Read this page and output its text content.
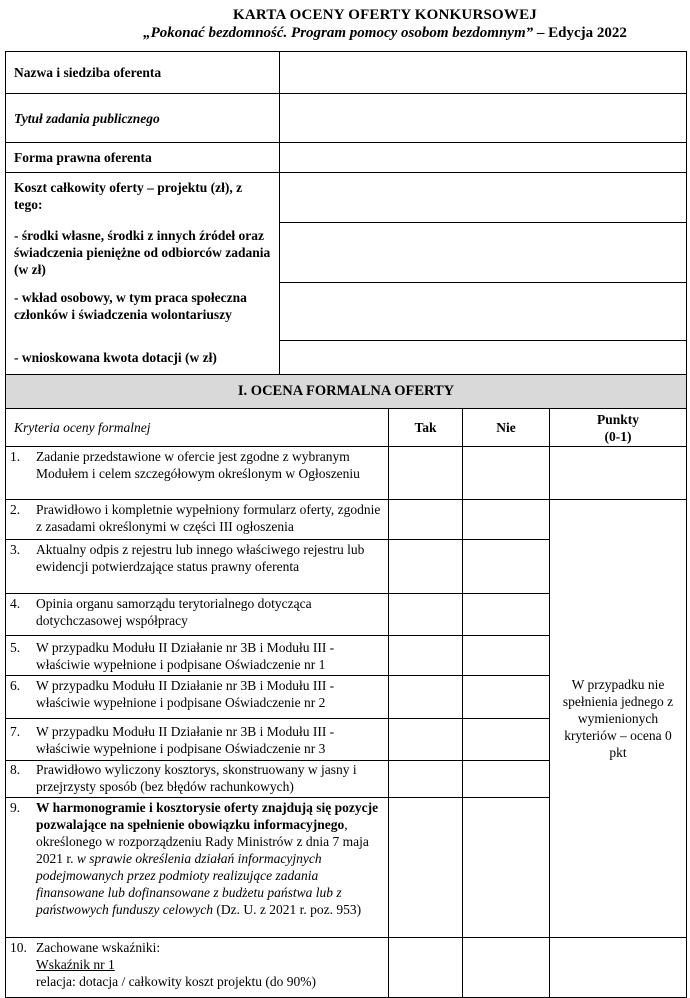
KARTA OCENY OFERTY KONKURSOWEJ
„Pokonać bezdomność. Program pomocy osobom bezdomnym” – Edycja 2022
Nazwa i siedziba oferenta	
Tytuł zadania publicznego	
Forma prawna oferenta	
Koszt całkowity oferty – projektu (zł), z tego:	
- środki własne, środki z innych źródeł oraz świadczenia pieniężne od odbiorców zadania (w zł)	
- wkład osobowy, w tym praca społeczna członków i świadczenia wolontariuszy	
- wnioskowana kwota dotacji (w zł)	
I. OCENA FORMALNA OFERTY			
Kryteria oceny formalnej	Tak	Nie	Punkty
(0-1)

1. Zadanie przedstawione w ofercie jest zgodne z wybranym Modułem i celem szczegółowym określonym w Ogłoszeniu			

2. Prawidłowo i kompletnie wypełniony formularz oferty, zgodnie z zasadami określonymi w części III ogłoszenia			W przypadku nie spełnienia jednego z wymienionych kryteriów – ocena 0 pkt

3. Aktualny odpis z rejestru lub innego właściwego rejestru lub ewidencji potwierdzające status prawny oferenta			

4. Opinia organu samorządu terytorialnego dotycząca dotychczasowej współpracy			

5. W przypadku Modułu II Działanie nr 3B i Modułu III - właściwie wypełnione i podpisane Oświadczenie nr 1			

6. W przypadku Modułu II Działanie nr 3B i Modułu III - właściwie wypełnione i podpisane Oświadczenie nr 2			

7. W przypadku Modułu II Działanie nr 3B i Modułu III - właściwie wypełnione i podpisane Oświadczenie nr 3			

8. Prawidłowo wyliczony kosztorys, skonstruowany w jasny i przejrzysty sposób (bez błędów rachunkowych)			

9. W harmonogramie i kosztorysie oferty znajdują się pozycje pozwalające na spełnienie obowiązku informacyjnego, określonego w rozporządzeniu Rady Ministrów z dnia 7 maja 2021 r. w sprawie określenia działań informacyjnych podejmowanych przez podmioty realizujące zadania finansowane lub dofinansowane z budżetu państwa lub z państwowych funduszy celowych (Dz. U. z 2021 r. poz. 953)			

10. Zachowane wskaźniki:
Wskaźnik nr 1
relacja: dotacja / całkowity koszt projektu (do 90%)			
